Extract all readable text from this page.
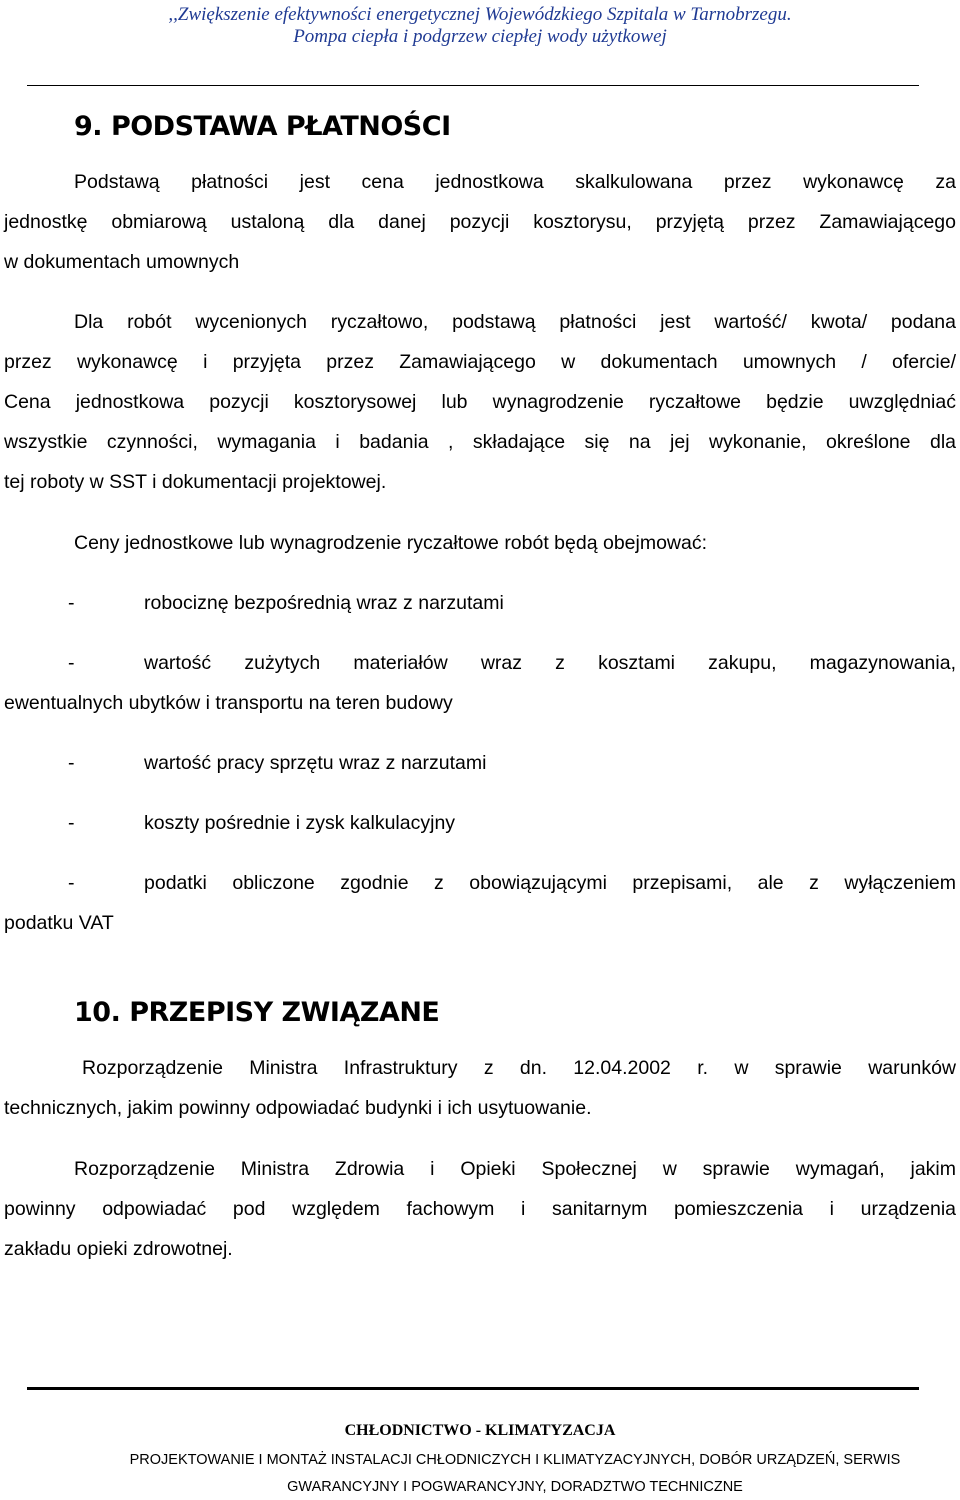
,,Zwiększenie efektywności energetycznej Wojewódzkiego Szpitala w Tarnobrzegu.
Pompa ciepła i podgrzew ciepłej wody użytkowej
9. PODSTAWA PŁATNOŚCI
Podstawą płatności jest cena jednostkowa skalkulowana przez wykonawcę za
jednostkę obmiarową ustaloną dla danej pozycji kosztorysu, przyjętą przez Zamawiającego
w dokumentach umownych
Dla robót wycenionych ryczałtowo, podstawą płatności jest wartość/ kwota/ podana
przez wykonawcę i przyjęta przez Zamawiającego w dokumentach umownych / ofercie/
Cena jednostkowa pozycji kosztorysowej lub wynagrodzenie ryczałtowe będzie uwzględniać
wszystkie czynności, wymagania i badania , składające się na jej wykonanie, określone dla
tej roboty w SST i dokumentacji projektowej.
Ceny jednostkowe lub wynagrodzenie ryczałtowe robót będą obejmować:
-	robociznę bezpośrednią wraz z narzutami
-	wartość zużytych materiałów wraz z kosztami zakupu, magazynowania,
ewentualnych ubytków i transportu na teren budowy
-	wartość pracy sprzętu wraz z narzutami
-	koszty pośrednie i zysk kalkulacyjny
-	podatki obliczone zgodnie z obowiązującymi przepisami, ale z wyłączeniem
podatku VAT
10. PRZEPISY ZWIĄZANE
Rozporządzenie Ministra Infrastruktury z dn. 12.04.2002 r. w sprawie warunków
technicznych, jakim powinny odpowiadać budynki i ich usytuowanie.
Rozporządzenie Ministra Zdrowia i Opieki Społecznej w sprawie wymagań, jakim
powinny odpowiadać pod względem fachowym i sanitarnym pomieszczenia i urządzenia
zakładu opieki zdrowotnej.
CHŁODNICTWO - KLIMATYZACJA
PROJEKTOWANIE I MONTAŻ INSTALACJI CHŁODNICZYCH I KLIMATYZACYJNYCH, DOBÓR URZĄDZEŃ, SERWIS
GWARANCYJNY I POGWARANCYJNY, DORADZTWO TECHNICZNE
